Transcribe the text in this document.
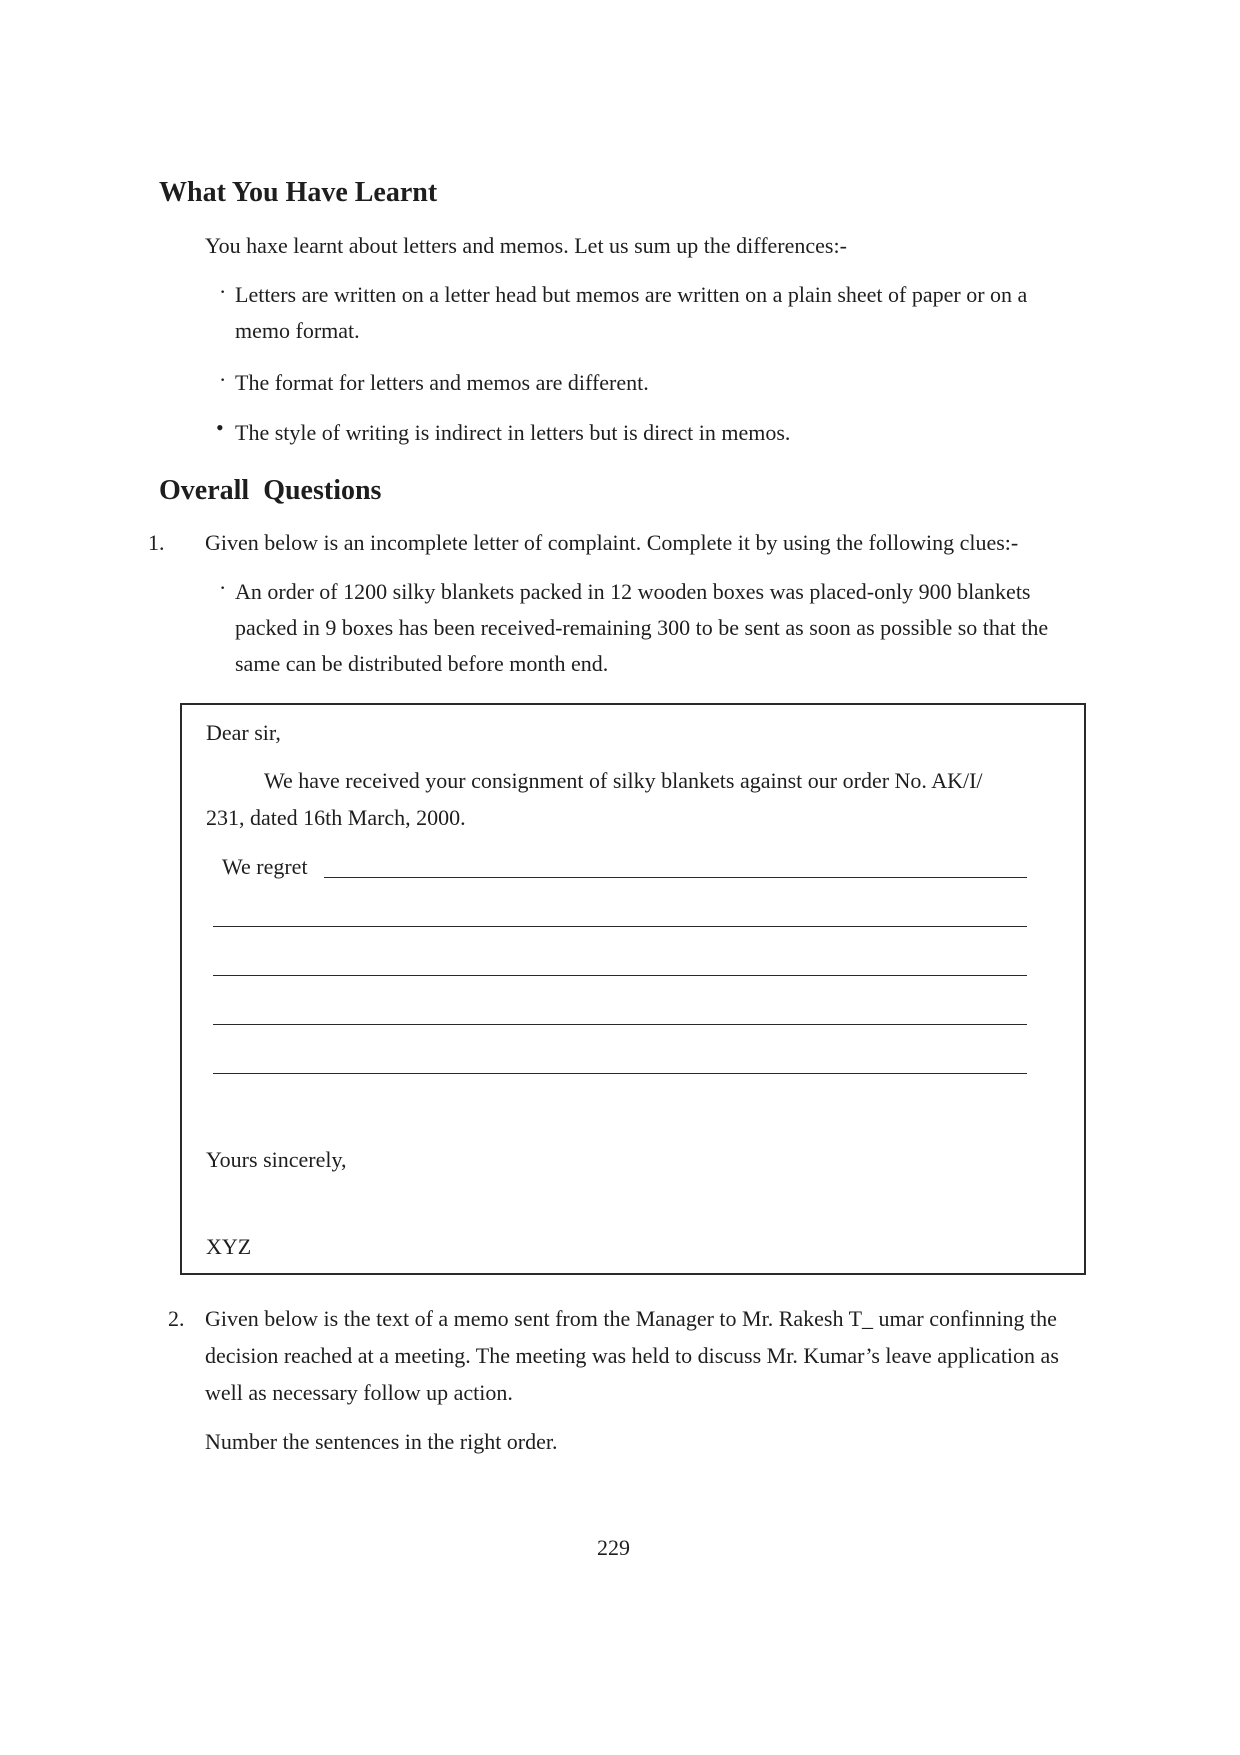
What You Have Learnt
You haxe learnt about letters and memos. Let us sum up the differences:-
· Letters are written on a letter head but memos are written on a plain sheet of paper or on a
memo format.
· The format for letters and memos are different.
• The style of writing is indirect in letters but is direct in memos.
Overall  Questions
1. Given below is an incomplete letter of complaint. Complete it by using the following clues:-
· An order of 1200 silky blankets packed in 12 wooden boxes was placed-only 900 blankets
packed in 9 boxes has been received-remaining 300 to be sent as soon as possible so that the
same can be distributed before month end.
Dear sir,
We have received your consignment of silky blankets against our order No. AK/I/
231, dated 16th March, 2000.
We regret
Yours sincerely,
XYZ
2. Given below is the text of a memo sent from the Manager to Mr. Rakesh T_ umar confinning the
decision reached at a meeting. The meeting was held to discuss Mr. Kumar’s leave application as
well as necessary follow up action.
Number the sentences in the right order.
229
